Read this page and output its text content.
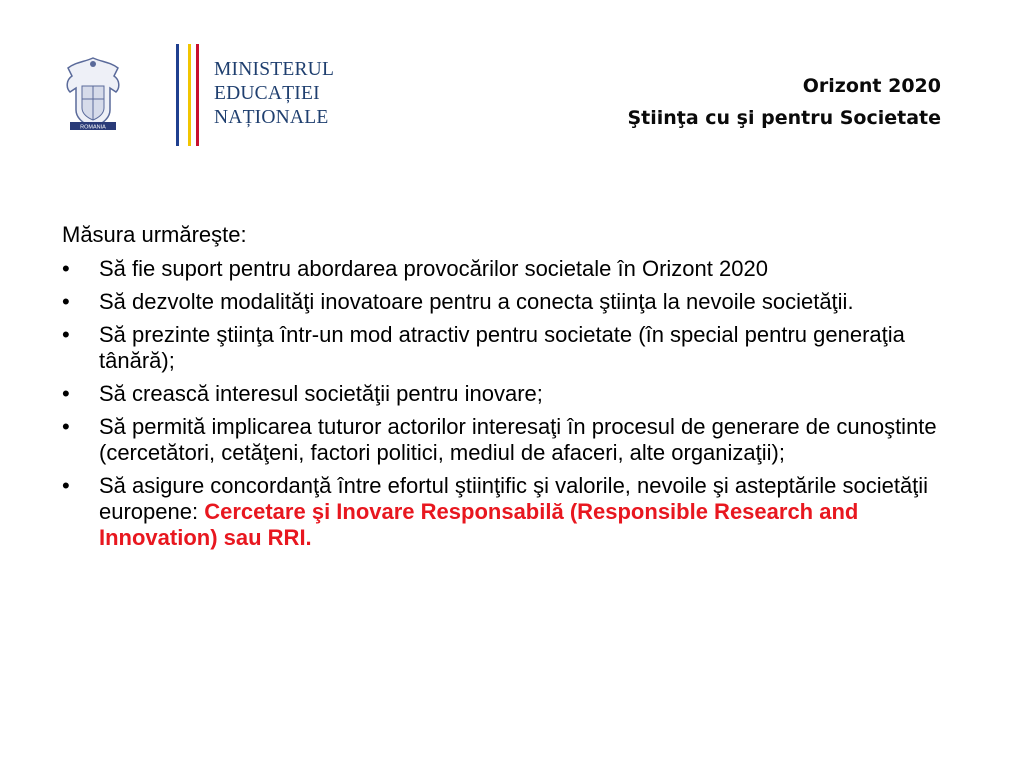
ROMANIA
MINISTERUL
EDUCAȚIEI
NAȚIONALE
Orizont 2020
Ştiinţa cu şi pentru Societate
Măsura urmăreşte:
• Să fie suport pentru abordarea provocărilor societale în Orizont 2020
• Să dezvolte modalităţi inovatoare pentru a conecta ştiinţa la nevoile societăţii.
• Să prezinte ştiinţa într-un mod atractiv pentru societate (în special pentru generaţia tânără);
• Să crească interesul societăţii pentru inovare;
• Să permită implicarea tuturor actorilor interesaţi în procesul de generare de cunoştinte (cercetători, cetăţeni, factori politici, mediul de afaceri, alte organizaţii);
• Să asigure concordanţă între efortul ştiinţific şi valorile, nevoile şi asteptările societăţii europene: Cercetare şi Inovare Responsabilă (Responsible Research and Innovation) sau RRI.
